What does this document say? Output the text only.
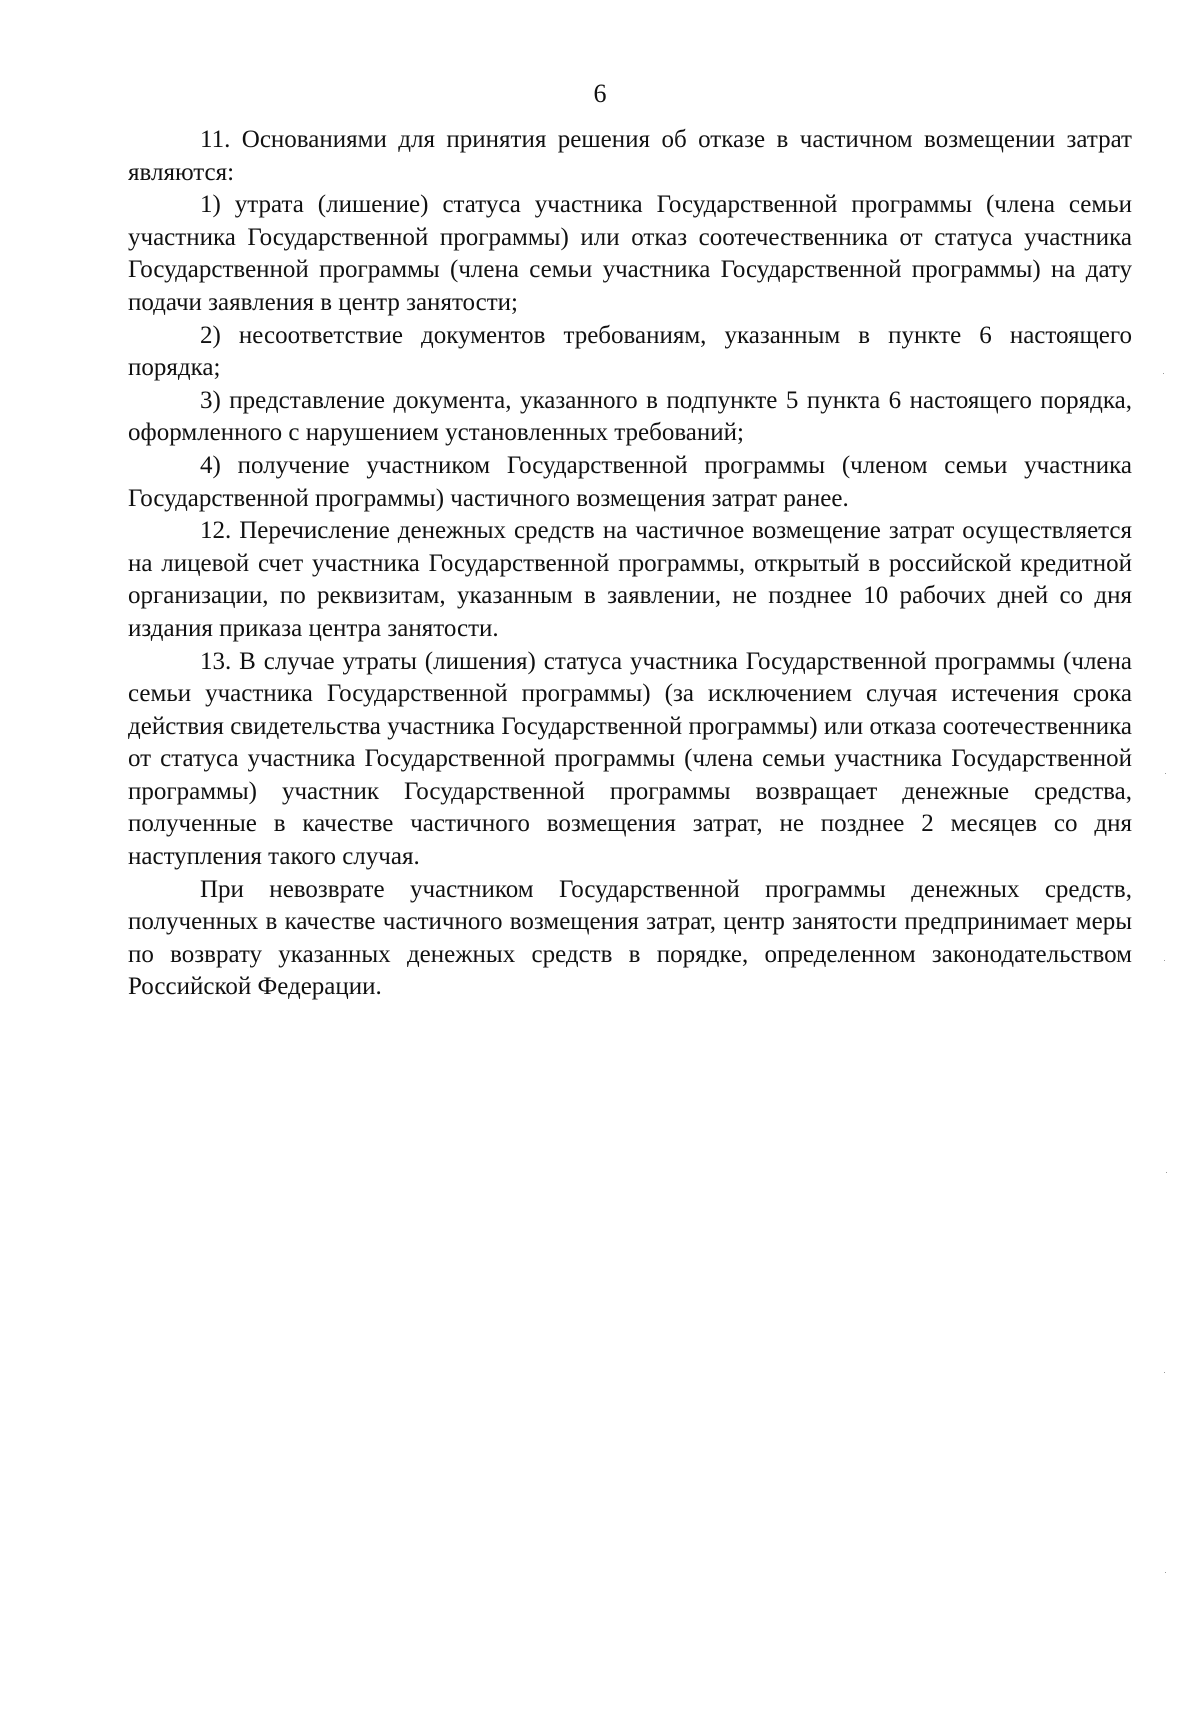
6

11. Основаниями для принятия решения об отказе в частичном возмещении затрат являются:

1) утрата (лишение) статуса участника Государственной программы (члена семьи участника Государственной программы) или отказ соотечественника от статуса участника Государственной программы (члена семьи участника Государственной программы) на дату подачи заявления в центр занятости;

2) несоответствие документов требованиям, указанным в пункте 6 настоящего порядка;

3) представление документа, указанного в подпункте 5 пункта 6 настоящего порядка, оформленного с нарушением установленных требований;

4) получение участником Государственной программы (членом семьи участника Государственной программы) частичного возмещения затрат ранее.

12. Перечисление денежных средств на частичное возмещение затрат осуществляется на лицевой счет участника Государственной программы, открытый в российской кредитной организации, по реквизитам, указанным в заявлении, не позднее 10 рабочих дней со дня издания приказа центра занятости.

13. В случае утраты (лишения) статуса участника Государственной программы (члена семьи участника Государственной программы) (за исключением случая истечения срока действия свидетельства участника Государственной программы) или отказа соотечественника от статуса участника Государственной программы (члена семьи участника Государственной программы) участник Государственной программы возвращает денежные средства, полученные в качестве частичного возмещения затрат, не позднее 2 месяцев со дня наступления такого случая.

При невозврате участником Государственной программы денежных средств, полученных в качестве частичного возмещения затрат, центр занятости предпринимает меры по возврату указанных денежных средств в порядке, определенном законодательством Российской Федерации.
